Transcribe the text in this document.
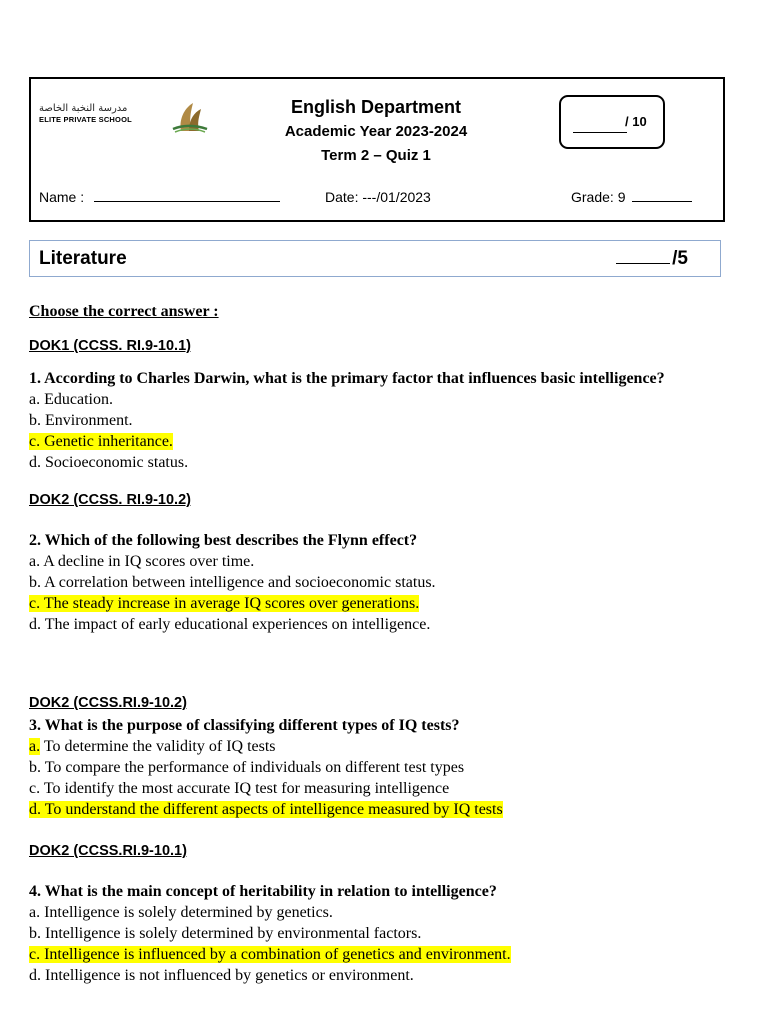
مدرسة النخبة الخاصة
ELITE PRIVATE SCHOOL
English Department
Academic Year 2023-2024
Term 2 – Quiz 1
/ 10
Name :	Date: ---/01/2023	Grade: 9
Literature	/5
Choose the correct answer :
DOK1 (CCSS. RI.9-10.1)
1. According to Charles Darwin, what is the primary factor that influences basic intelligence?
a. Education.
b. Environment.
c. Genetic inheritance.
d. Socioeconomic status.
DOK2 (CCSS. RI.9-10.2)
2. Which of the following best describes the Flynn effect?
a. A decline in IQ scores over time.
b. A correlation between intelligence and socioeconomic status.
c. The steady increase in average IQ scores over generations.
d. The impact of early educational experiences on intelligence.
DOK2 (CCSS.RI.9-10.2)
3. What is the purpose of classifying different types of IQ tests?
a. To determine the validity of IQ tests
b. To compare the performance of individuals on different test types
c. To identify the most accurate IQ test for measuring intelligence
d. To understand the different aspects of intelligence measured by IQ tests
DOK2 (CCSS.RI.9-10.1)
4. What is the main concept of heritability in relation to intelligence?
a. Intelligence is solely determined by genetics.
b. Intelligence is solely determined by environmental factors.
c. Intelligence is influenced by a combination of genetics and environment.
d. Intelligence is not influenced by genetics or environment.
